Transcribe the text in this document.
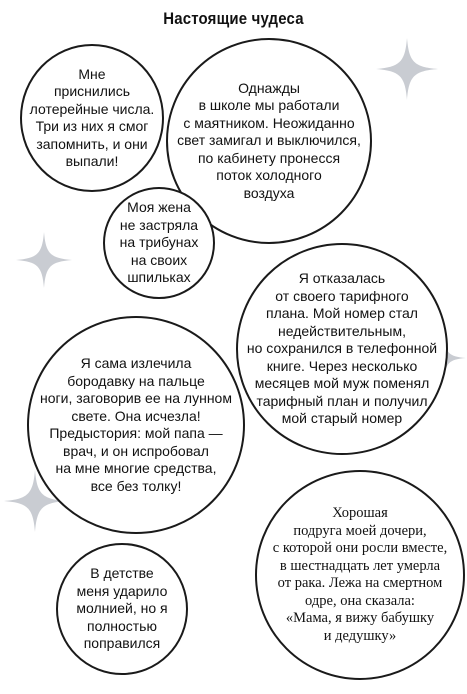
Настоящие чудеса
Мне
приснились
лотерейные числа.
Три из них я смог
запомнить, и они
выпали!
Однажды
в школе мы работали
с маятником. Неожиданно
свет замигал и выключился,
по кабинету пронесся
поток холодного
воздуха
Моя жена
не застряла
на трибунах
на своих
шпильках	Я отказалась
от своего тарифного
плана. Мой номер стал
недействительным,
но сохранился в телефонной
книге. Через несколько
месяцев мой муж поменял
тарифный план и получил
мой старый номер
Я сама излечила
бородавку на пальце
ноги, заговорив ее на лунном
свете. Она исчезла!
Предыстория: мой папа —
врач, и он испробовал
на мне многие средства,
все без толку!
Хорошая
подруга моей дочери,
с которой они росли вместе,
в шестнадцать лет умерла
от рака. Лежа на смертном
одре, она сказала:
«Мама, я вижу бабушку
и дедушку»
В детстве
меня ударило
молнией, но я
полностью
поправился
